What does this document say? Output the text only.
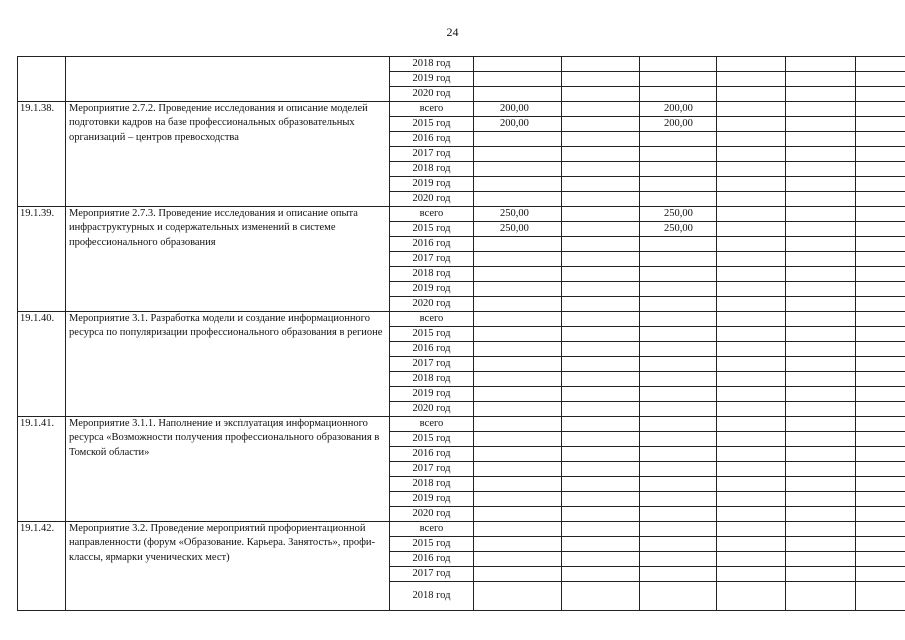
24
		2018 год						
		2019 год						
		2020 год						
19.1.38.	Мероприятие 2.7.2. Проведение исследования и описание моделей подготовки кадров на базе профессиональных образовательных организаций – центров превосходства	всего	200,00		200,00			
		2015 год	200,00		200,00			
		2016 год						
		2017 год						
		2018 год						
		2019 год						
		2020 год						
19.1.39.	Мероприятие 2.7.3. Проведение исследования и описание опыта инфраструктурных и содержательных изменений в системе профессионального образования	всего	250,00		250,00			
		2015 год	250,00		250,00			
		2016 год						
		2017 год						
		2018 год						
		2019 год						
		2020 год						
19.1.40.	Мероприятие 3.1. Разработка модели и создание информационного ресурса по популяризации профессионального образования в регионе	всего						
		2015 год						
		2016 год						
		2017 год						
		2018 год						
		2019 год						
		2020 год						
19.1.41.	Мероприятие 3.1.1. Наполнение и эксплуатация информационного ресурса «Возможности получения профессионального образования в Томской области»	всего						
		2015 год						
		2016 год						
		2017 год						
		2018 год						
		2019 год						
		2020 год						
19.1.42.	Мероприятие 3.2. Проведение мероприятий профориентационной направленности (форум «Образование. Карьера. Занятость», профи-классы, ярмарки ученических мест)	всего						
		2015 год						
		2016 год						
		2017 год						
		2018 год						
